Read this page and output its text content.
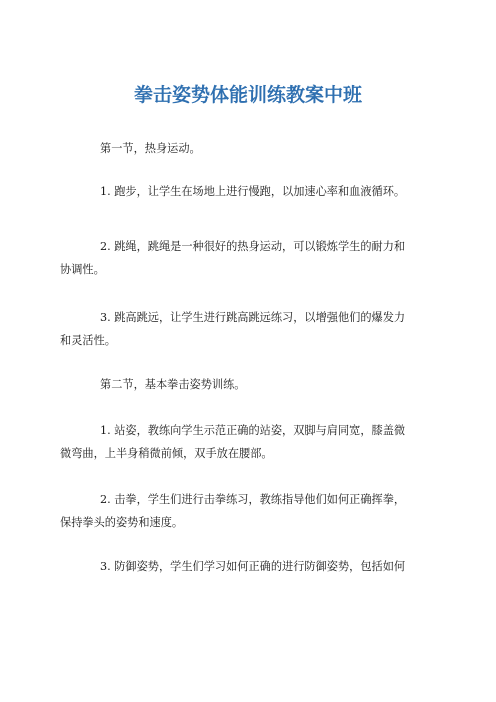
拳击姿势体能训练教案中班

第一节，热身运动。

1. 跑步，让学生在场地上进行慢跑，以加速心率和血液循环。

2. 跳绳，跳绳是一种很好的热身运动，可以锻炼学生的耐力和
协调性。

3. 跳高跳远，让学生进行跳高跳远练习，以增强他们的爆发力
和灵活性。

第二节，基本拳击姿势训练。

1. 站姿，教练向学生示范正确的站姿，双脚与肩同宽，膝盖微
微弯曲，上半身稍微前倾，双手放在腰部。

2. 击拳，学生们进行击拳练习，教练指导他们如何正确挥拳，
保持拳头的姿势和速度。

3. 防御姿势，学生们学习如何正确的进行防御姿势，包括如何
